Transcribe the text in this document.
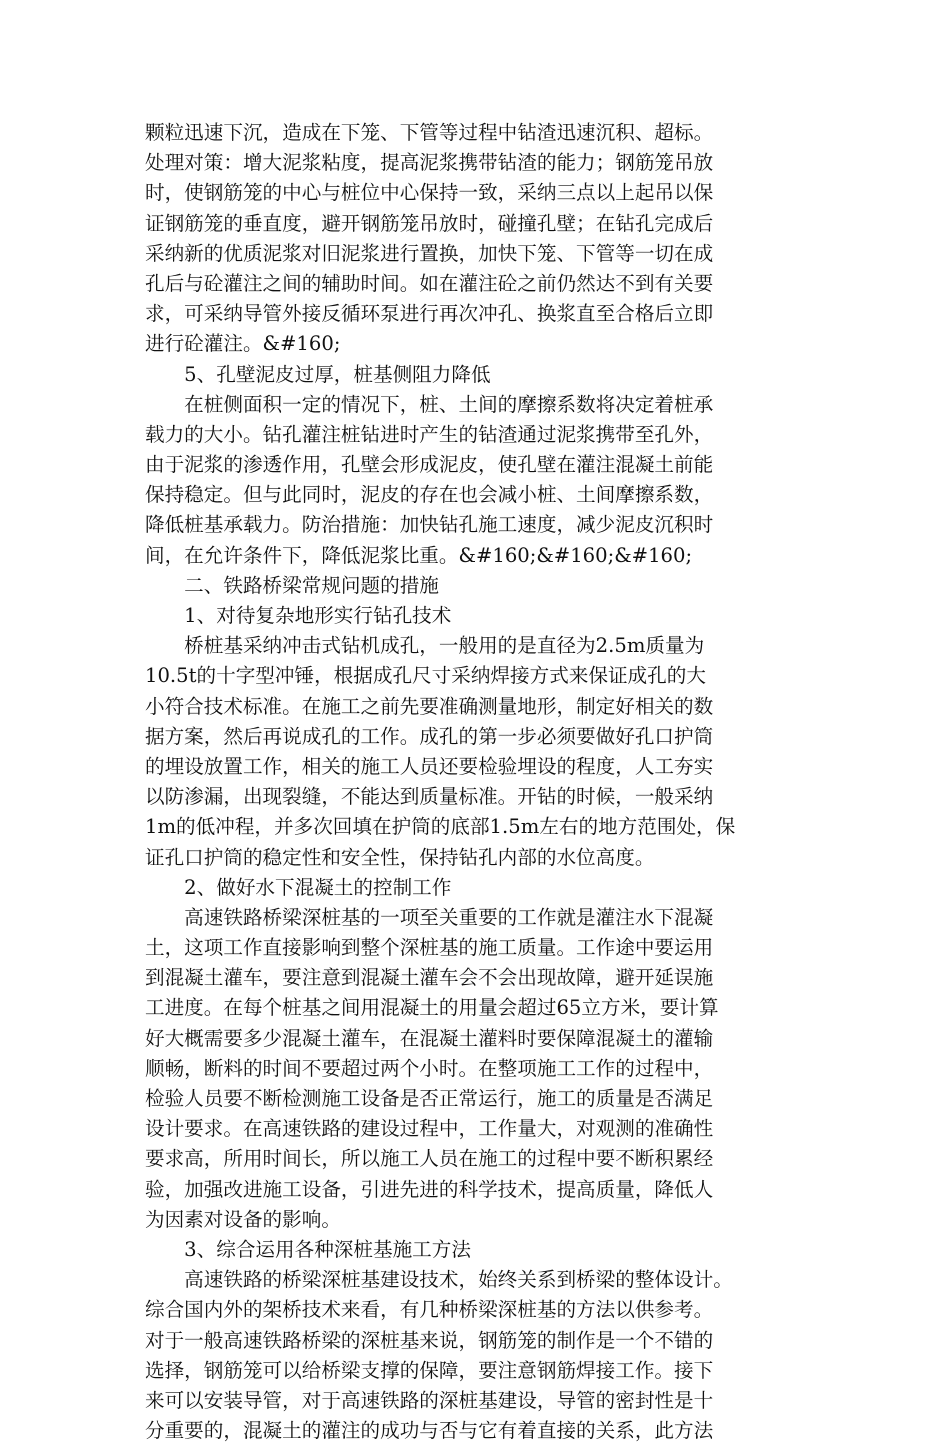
颗粒迅速下沉，造成在下笼、下管等过程中钻渣迅速沉积、超标。
处理对策：增大泥浆粘度，提高泥浆携带钻渣的能力；钢筋笼吊放
时，使钢筋笼的中心与桩位中心保持一致，采纳三点以上起吊以保
证钢筋笼的垂直度，避开钢筋笼吊放时，碰撞孔壁；在钻孔完成后
采纳新的优质泥浆对旧泥浆进行置换，加快下笼、下管等一切在成
孔后与砼灌注之间的辅助时间。如在灌注砼之前仍然达不到有关要
求，可采纳导管外接反循环泵进行再次冲孔、换浆直至合格后立即
进行砼灌注。&#160;
　　5、孔壁泥皮过厚，桩基侧阻力降低
　　在桩侧面积一定的情况下，桩、土间的摩擦系数将决定着桩承
载力的大小。钻孔灌注桩钻进时产生的钻渣通过泥浆携带至孔外，
由于泥浆的渗透作用，孔壁会形成泥皮，使孔壁在灌注混凝土前能
保持稳定。但与此同时，泥皮的存在也会减小桩、土间摩擦系数，
降低桩基承载力。防治措施：加快钻孔施工速度，减少泥皮沉积时
间，在允许条件下，降低泥浆比重。&#160;&#160;&#160;
　　二、铁路桥梁常规问题的措施
　　1、对待复杂地形实行钻孔技术
　　桥桩基采纳冲击式钻机成孔，一般用的是直径为2.5m质量为
10.5t的十字型冲锤，根据成孔尺寸采纳焊接方式来保证成孔的大
小符合技术标准。在施工之前先要准确测量地形，制定好相关的数
据方案，然后再说成孔的工作。成孔的第一步必须要做好孔口护筒
的埋设放置工作，相关的施工人员还要检验埋设的程度，人工夯实
以防渗漏，出现裂缝，不能达到质量标准。开钻的时候，一般采纳
1m的低冲程，并多次回填在护筒的底部1.5m左右的地方范围处，保
证孔口护筒的稳定性和安全性，保持钻孔内部的水位高度。
　　2、做好水下混凝土的控制工作
　　高速铁路桥梁深桩基的一项至关重要的工作就是灌注水下混凝
土，这项工作直接影响到整个深桩基的施工质量。工作途中要运用
到混凝土灌车，要注意到混凝土灌车会不会出现故障，避开延误施
工进度。在每个桩基之间用混凝土的用量会超过65立方米，要计算
好大概需要多少混凝土灌车，在混凝土灌料时要保障混凝土的灌输
顺畅，断料的时间不要超过两个小时。在整项施工工作的过程中，
检验人员要不断检测施工设备是否正常运行，施工的质量是否满足
设计要求。在高速铁路的建设过程中，工作量大，对观测的准确性
要求高，所用时间长，所以施工人员在施工的过程中要不断积累经
验，加强改进施工设备，引进先进的科学技术，提高质量，降低人
为因素对设备的影响。
　　3、综合运用各种深桩基施工方法
　　高速铁路的桥梁深桩基建设技术，始终关系到桥梁的整体设计。
综合国内外的架桥技术来看，有几种桥梁深桩基的方法以供参考。
对于一般高速铁路桥梁的深桩基来说，钢筋笼的制作是一个不错的
选择，钢筋笼可以给桥梁支撑的保障，要注意钢筋焊接工作。接下
来可以安装导管，对于高速铁路的深桩基建设，导管的密封性是十
分重要的，混凝土的灌注的成功与否与它有着直接的关系，此方法
